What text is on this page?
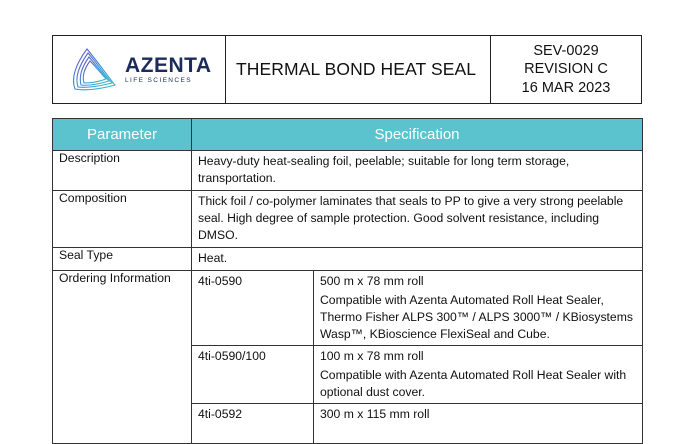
AZENTA
LIFE SCIENCES
THERMAL BOND HEAT SEAL
SEV-0029
REVISION C
16 MAR 2023
Parameter	Specification	
Description	Heavy-duty heat-sealing foil, peelable; suitable for long term storage, transportation.	
Composition	Thick foil / co-polymer laminates that seals to PP to give a very strong peelable seal. High degree of sample protection. Good solvent resistance, including DMSO.	
Seal Type	Heat.	
Ordering Information	4ti-0590	500 m x 78 mm roll
Compatible with Azenta Automated Roll Heat Sealer, Thermo Fisher ALPS 300™ / ALPS 3000™ / KBiosystems Wasp™, KBioscience FlexiSeal and Cube.

	4ti-0590/100	100 m x 78 mm roll
Compatible with Azenta Automated Roll Heat Sealer with optional dust cover.

	4ti-0592	300 m x 115 mm roll
